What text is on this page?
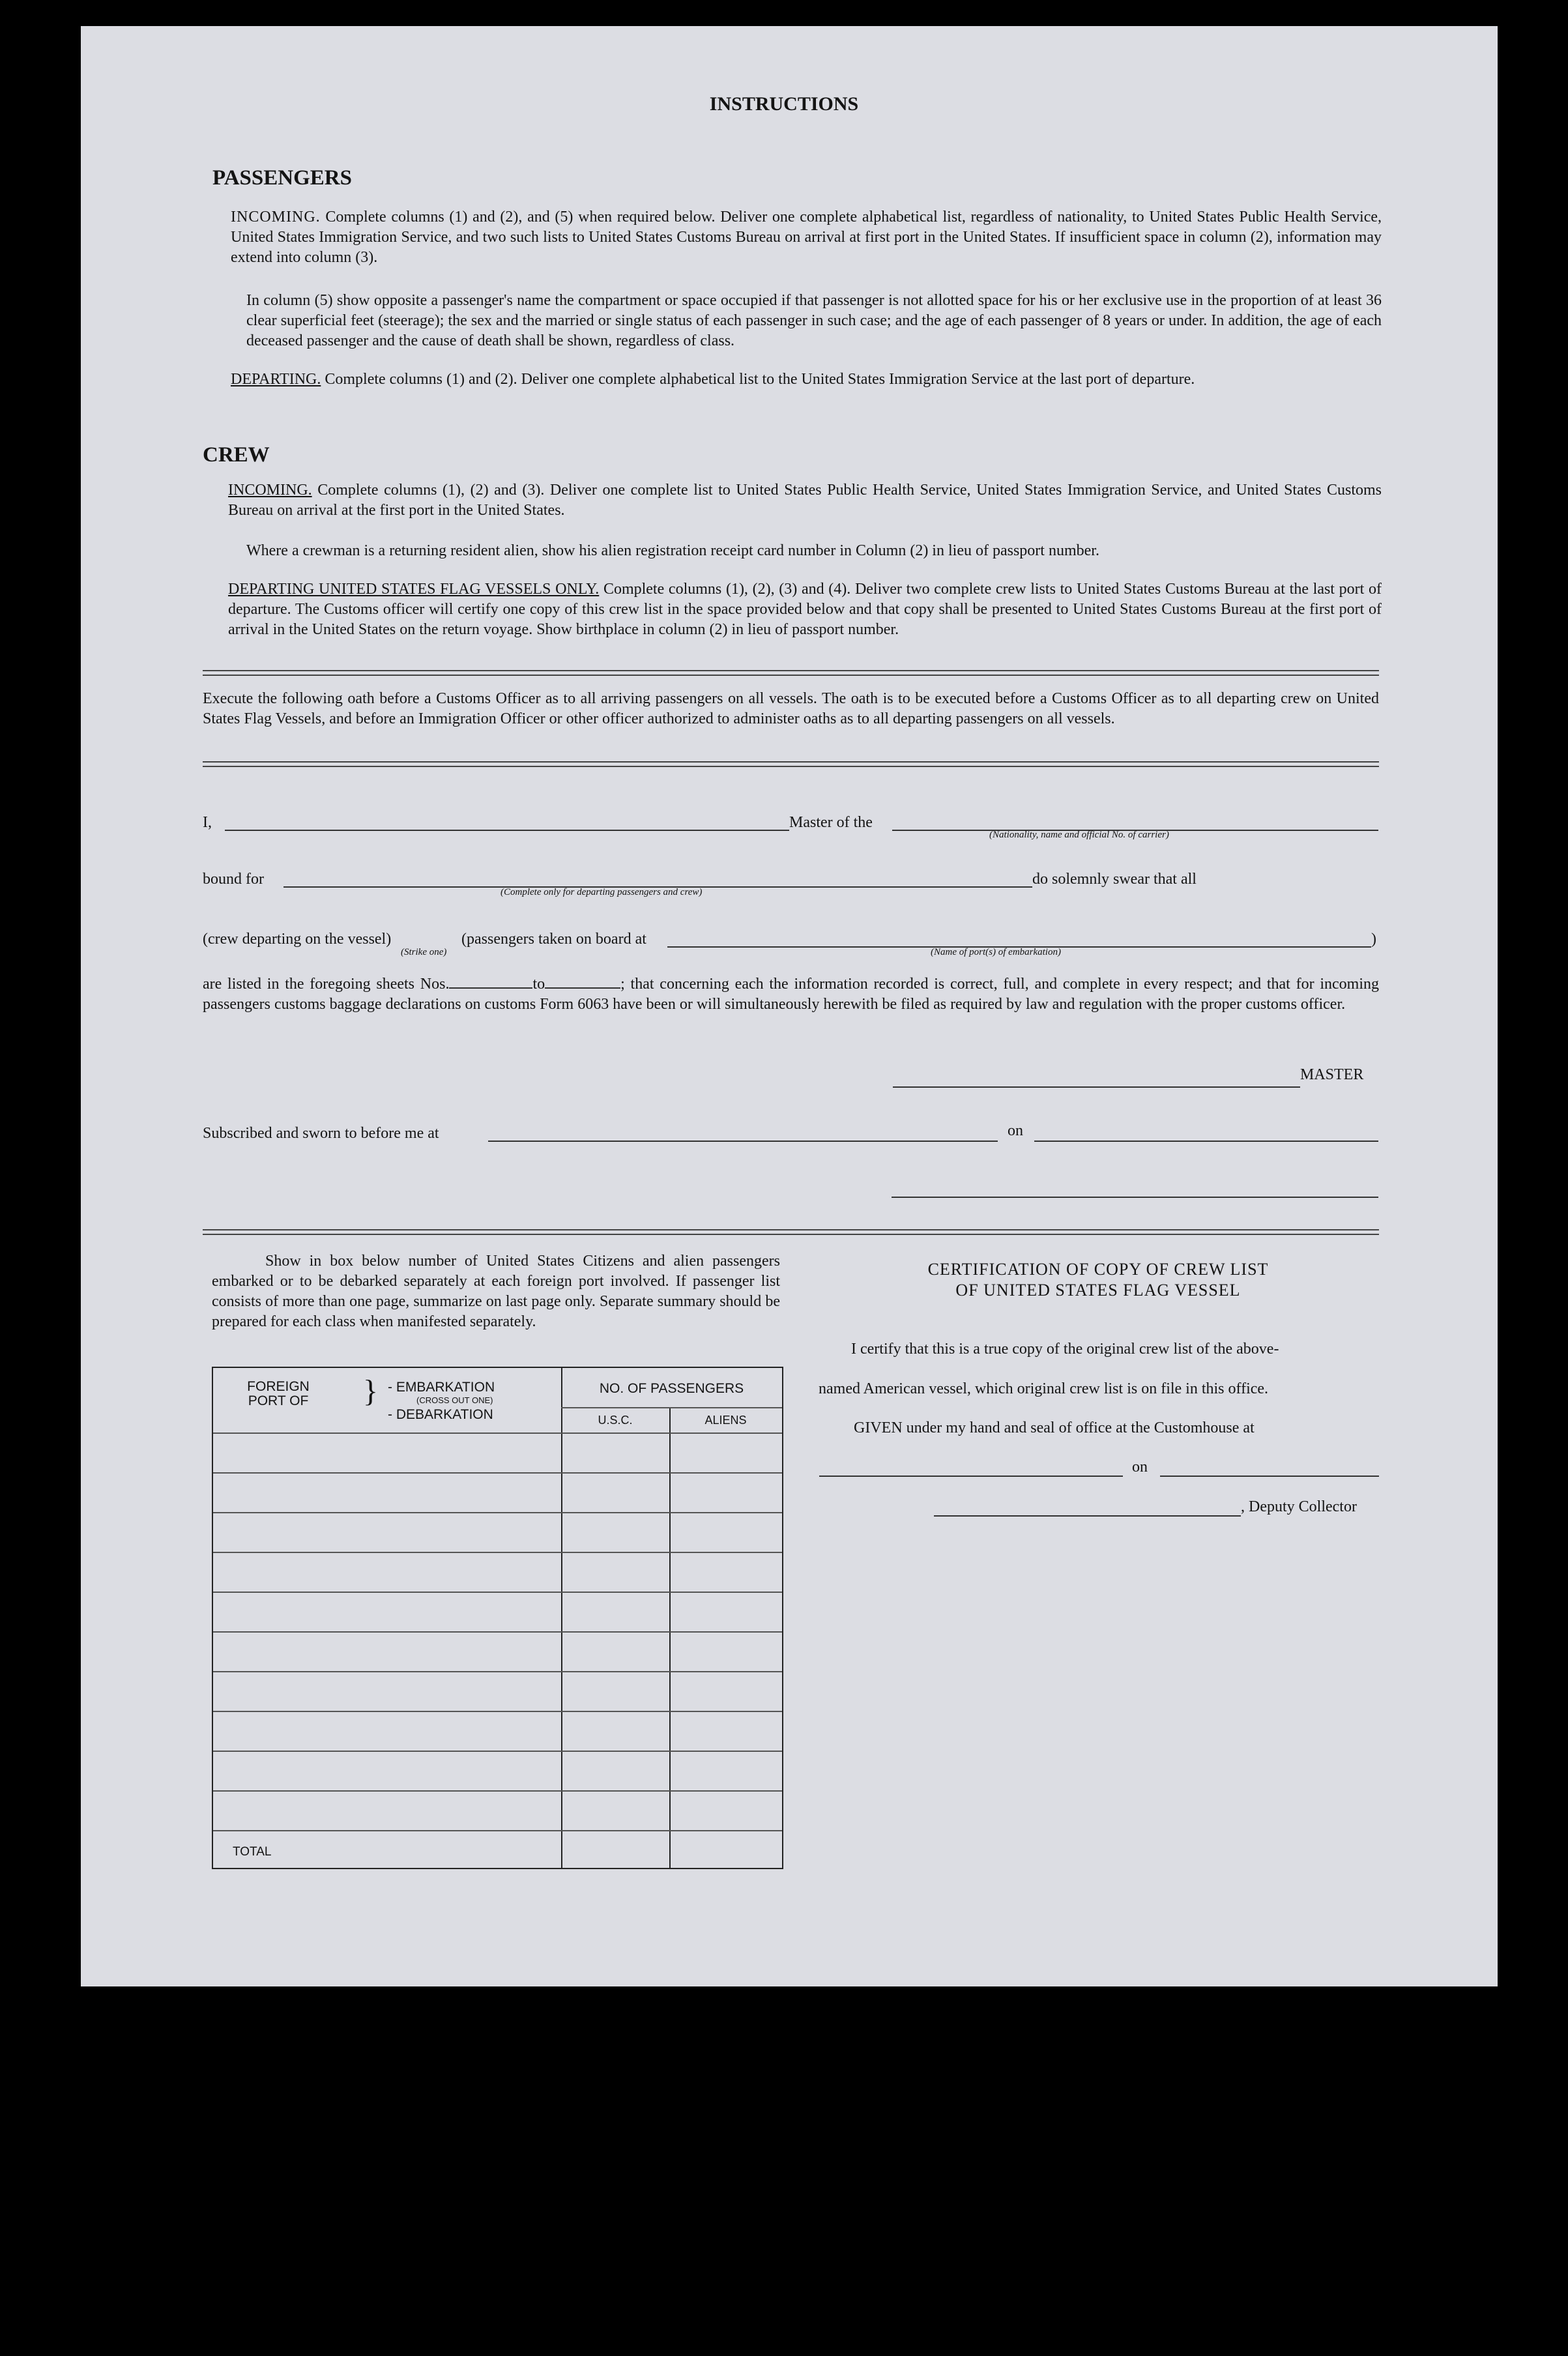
INSTRUCTIONS
PASSENGERS
INCOMING. Complete columns (1) and (2), and (5) when required below. Deliver one complete alphabetical list, regardless of nationality, to United States Public Health Service, United States Immigration Service, and two such lists to United States Customs Bureau on arrival at first port in the United States. If insufficient space in column (2), information may extend into column (3).
In column (5) show opposite a passenger's name the compartment or space occupied if that passenger is not allotted space for his or her exclusive use in the proportion of at least 36 clear superficial feet (steerage); the sex and the married or single status of each passenger in such case; and the age of each passenger of 8 years or under. In addition, the age of each deceased passenger and the cause of death shall be shown, regardless of class.
DEPARTING. Complete columns (1) and (2). Deliver one complete alphabetical list to the United States Immigration Service at the last port of departure.
CREW
INCOMING. Complete columns (1), (2) and (3). Deliver one complete list to United States Public Health Service, United States Immigration Service, and United States Customs Bureau on arrival at the first port in the United States.
Where a crewman is a returning resident alien, show his alien registration receipt card number in Column (2) in lieu of passport number.
DEPARTING UNITED STATES FLAG VESSELS ONLY. Complete columns (1), (2), (3) and (4). Deliver two complete crew lists to United States Customs Bureau at the last port of departure. The Customs officer will certify one copy of this crew list in the space provided below and that copy shall be presented to United States Customs Bureau at the first port of arrival in the United States on the return voyage. Show birthplace in column (2) in lieu of passport number.
Execute the following oath before a Customs Officer as to all arriving passengers on all vessels. The oath is to be executed before a Customs Officer as to all departing crew on United States Flag Vessels, and before an Immigration Officer or other officer authorized to administer oaths as to all departing passengers on all vessels.
I,	Master of the
(Nationality, name and official No. of carrier)
bound for	do solemnly swear that all
(Complete only for departing passengers and crew)
(crew departing on the vessel)	(passengers taken on board at	)
(Strike one)	(Name of port(s) of embarkation)
are listed in the foregoing sheets Nos.	to	; that concerning each the information recorded is correct, full, and complete in every respect; and that for incoming passengers customs baggage declarations on customs Form 6063 have been or will simultaneously herewith be filed as required by law and regulation with the proper customs officer.
MASTER
Subscribed and sworn to before me at	on
Show in box below number of United States Citizens and alien passengers embarked or to be debarked separately at each foreign port involved. If passenger list consists of more than one page, summarize on last page only. Separate summary should be prepared for each class when manifested separately.
FOREIGN PORT OF } - EMBARKATION
(CROSS OUT ONE)
- DEBARKATION
NO. OF PASSENGERS
U.S.C.	ALIENS
TOTAL
CERTIFICATION OF COPY OF CREW LIST
OF UNITED STATES FLAG VESSEL
I certify that this is a true copy of the original crew list of the above-
named American vessel, which original crew list is on file in this office.
GIVEN under my hand and seal of office at the Customhouse at
on
, Deputy Collector
